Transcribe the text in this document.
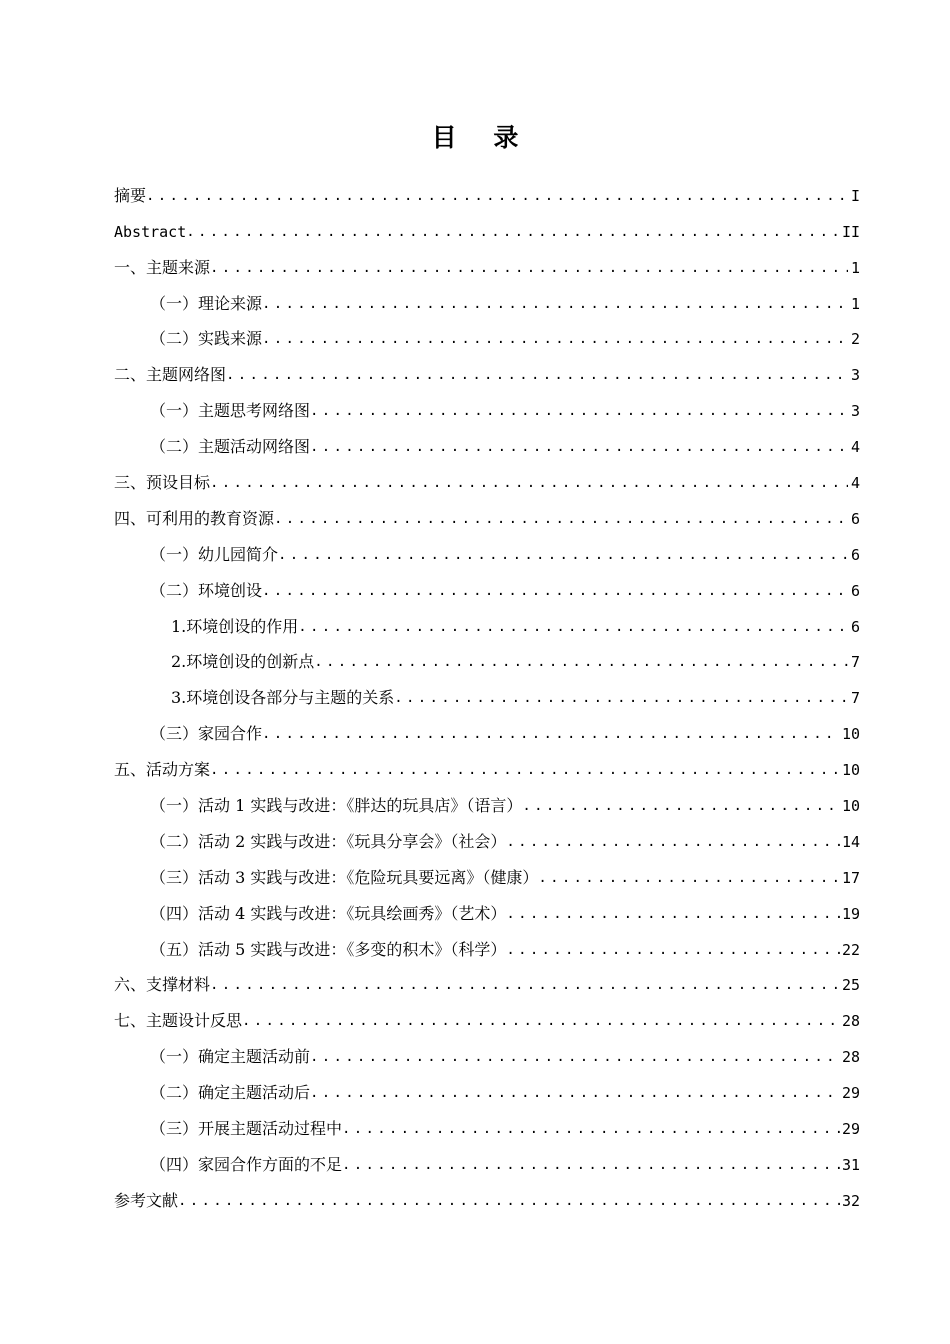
目 录
摘要 .....	I
Abstract .....	II
一、主题来源 .....	1
（一）理论来源 .....	1
（二）实践来源 .....	2
二、主题网络图 .....	3
（一）主题思考网络图 .....	3
（二）主题活动网络图 .....	4
三、预设目标 .....	4
四、可利用的教育资源 .....	6
（一）幼儿园简介 .....	6
（二）环境创设 .....	6
1.环境创设的作用 .....	6
2.环境创设的创新点 .....	7
3.环境创设各部分与主题的关系 .....	7
（三）家园合作 .....	10
五、活动方案 .....	10
（一）活动 1 实践与改进：《胖达的玩具店》（语言） .....	10
（二）活动 2 实践与改进：《玩具分享会》（社会） .....	14
（三）活动 3 实践与改进：《危险玩具要远离》（健康） .....	17
（四）活动 4 实践与改进：《玩具绘画秀》（艺术） .....	19
（五）活动 5 实践与改进：《多变的积木》（科学） .....	22
六、支撑材料 .....	25
七、主题设计反思 .....	28
（一）确定主题活动前 .....	28
（二）确定主题活动后 .....	29
（三）开展主题活动过程中 .....	29
（四）家园合作方面的不足 .....	31
参考文献 .....	32
